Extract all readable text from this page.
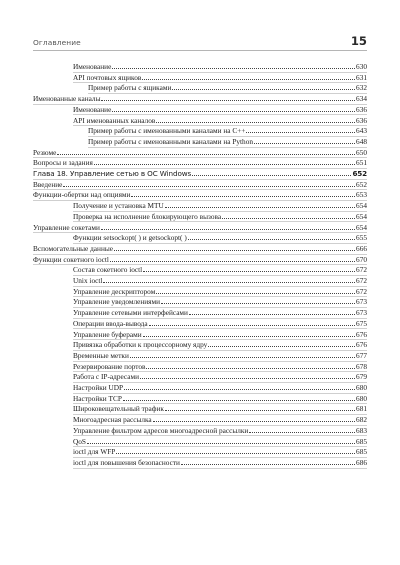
Оглавление	15
Именование	630
API почтовых ящиков	631
Пример работы с ящиками	632
Именованные каналы	634
Именование	636
API именованных каналов	636
Пример работы с именованными каналами на С++	643
Пример работы с именованными каналами на Python	648
Резюме	650
Вопросы и задания	651
Глава 18. Управление сетью в ОС Windows	652
Введение	652
Функции-обертки над опциями	653
Получение и установка MTU	654
Проверка на исполнение блокирующего вызова	654
Управление сокетами	654
Функции setsockopt( ) и getsockopt( )	655
Вспомогательные данные	666
Функции сокетного ioctl	670
Состав сокетного ioctl	672
Unix ioctl	672
Управление дескриптором	672
Управление уведомлениями	673
Управление сетевыми интерфейсами	673
Операции ввода-вывода	675
Управление буферами	676
Привязка обработки к процессорному ядру	676
Временные метки	677
Резервирование портов	678
Работа с IP-адресами	679
Настройки UDP	680
Настройки TCP	680
Широковещательный трафик	681
Многоадресная рассылка	682
Управление фильтром адресов многоадресной рассылки	683
QoS	685
ioctl для WFP	685
ioctl для повышения безопасности	686
